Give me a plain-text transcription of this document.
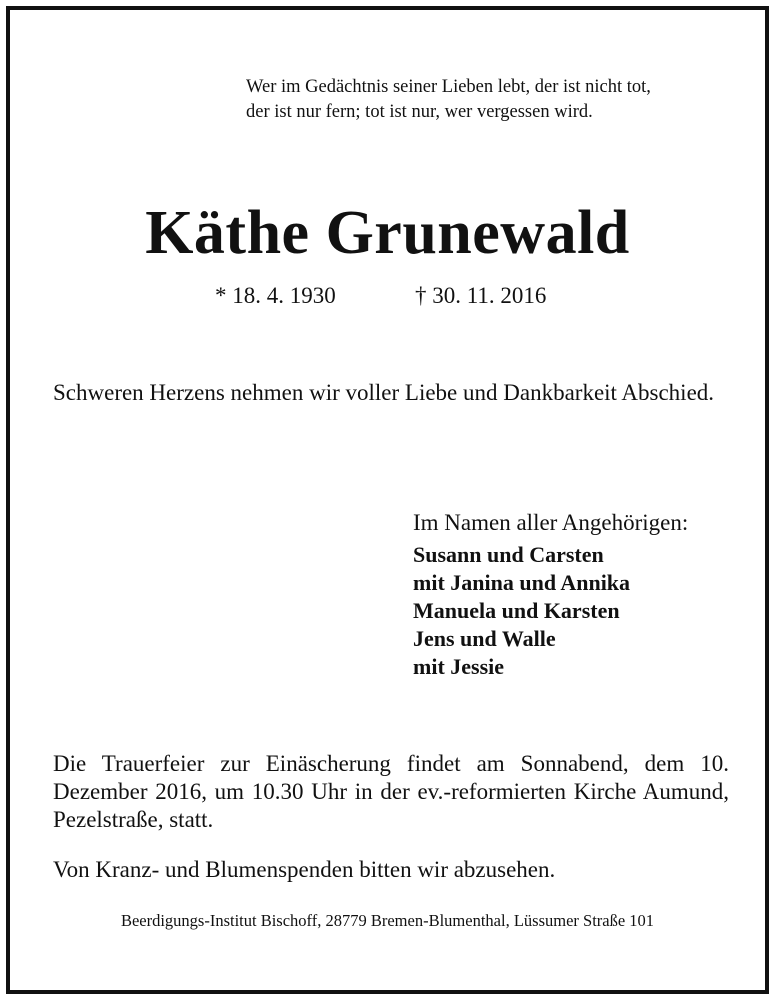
Wer im Gedächtnis seiner Lieben lebt, der ist nicht tot,
der ist nur fern; tot ist nur, wer vergessen wird.
Käthe Grunewald
* 18. 4. 1930	† 30. 11. 2016
Schweren Herzens nehmen wir voller Liebe und Dankbarkeit Abschied.
Im Namen aller Angehörigen:
Susann und Carsten
mit Janina und Annika
Manuela und Karsten
Jens und Walle
mit Jessie
Die Trauerfeier zur Einäscherung findet am Sonnabend, dem 10. Dezember 2016, um 10.30 Uhr in der ev.-reformierten Kirche Aumund, Pezelstraße, statt.
Von Kranz- und Blumenspenden bitten wir abzusehen.
Beerdigungs-Institut Bischoff, 28779 Bremen-Blumenthal, Lüssumer Straße 101
